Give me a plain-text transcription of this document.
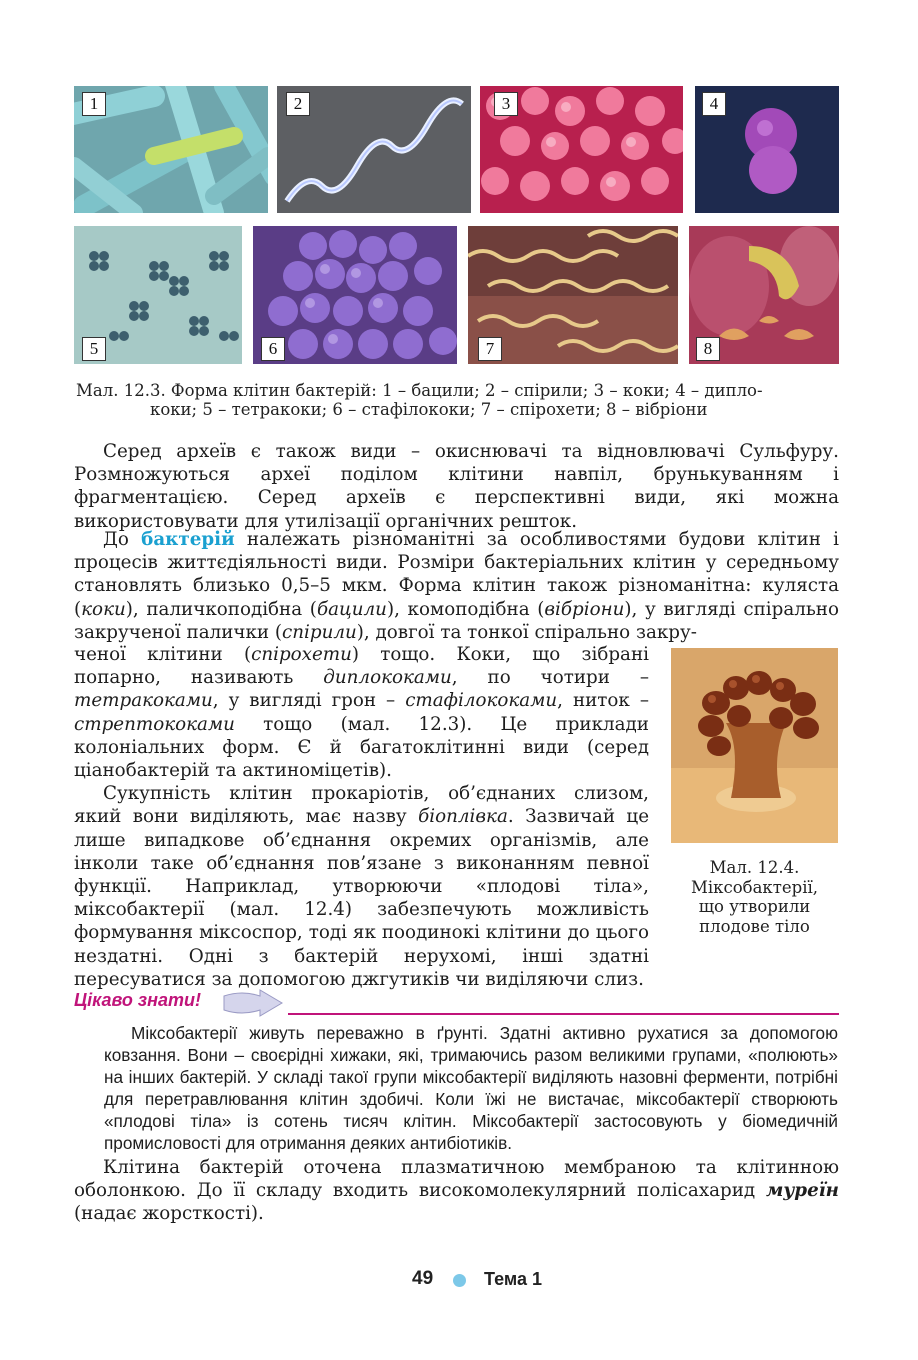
1	2	3	4
5	6	7	8
Мал. 12.3. Форма клітин бактерій: 1 – бацили; 2 – спірили; 3 – коки; 4 – дипло-
коки; 5 – тетракоки; 6 – стафілококи; 7 – спірохети; 8 – вібріони

Серед археїв є також види – окиснювачі та відновлювачі Сульфуру. Розмножуються археї поділом клітини навпіл, брунькуванням і фрагментацією. Серед археїв є перспективні види, які можна використовувати для утилізації органічних решток.

До бактерій належать різноманітні за особливостями будови клітин і процесів життєдіяльності види. Розміри бактеріальних клітин у середньому становлять близько 0,5–5 мкм. Форма клітин також різноманітна: куляста (коки), паличкоподібна (бацили), комоподібна (вібріони), у вигляді спірально закрученої палички (спірили), довгої та тонкої спірально закру-

ченої клітини (спірохети) тощо. Коки, що зібрані попарно, називають диплококами, по чотири – тетракоками, у вигляді грон – стафілококами, ниток – стрептококами тощо (мал. 12.3). Це приклади колоніальних форм. Є й багатоклітинні види (серед ціанобактерій та актиноміцетів).

Сукупність клітин прокаріотів, об’єднаних слизом, який вони виділяють, має назву біоплівка. Зазвичай це лише випадкове об’єднання окремих організмів, але інколи таке об’єднання пов’язане з виконанням певної функції. Наприклад, утворюючи «плодові тіла», міксобактерії (мал. 12.4) забезпечують можливість формування міксоспор, тоді як поодинокі клітини до цього нездатні. Одні з бактерій нерухомі, інші здатні пересуватися за допомогою джгутиків чи виділяючи слиз.

Мал. 12.4.
Міксобактерії,
що утворили
плодове тіло
Цікаво знати!
Міксобактерії живуть переважно в ґрунті. Здатні активно рухатися за допомогою ковзання. Вони – своєрідні хижаки, які, тримаючись разом великими групами, «полюють» на інших бактерій. У складі такої групи міксобактерії виділяють назовні ферменти, потрібні для перетравлювання клітин здобичі. Коли їжі не вистачає, міксобактерії створюють «плодові тіла» із сотень тисяч клітин. Міксобактерії застосовують у біомедичній промисловості для отримання деяких антибіотиків.

Клітина бактерій оточена плазматичною мембраною та клітинною оболонкою. До її складу входить високомолекулярний полісахарид муреїн (надає жорсткості).

49	Тема 1
